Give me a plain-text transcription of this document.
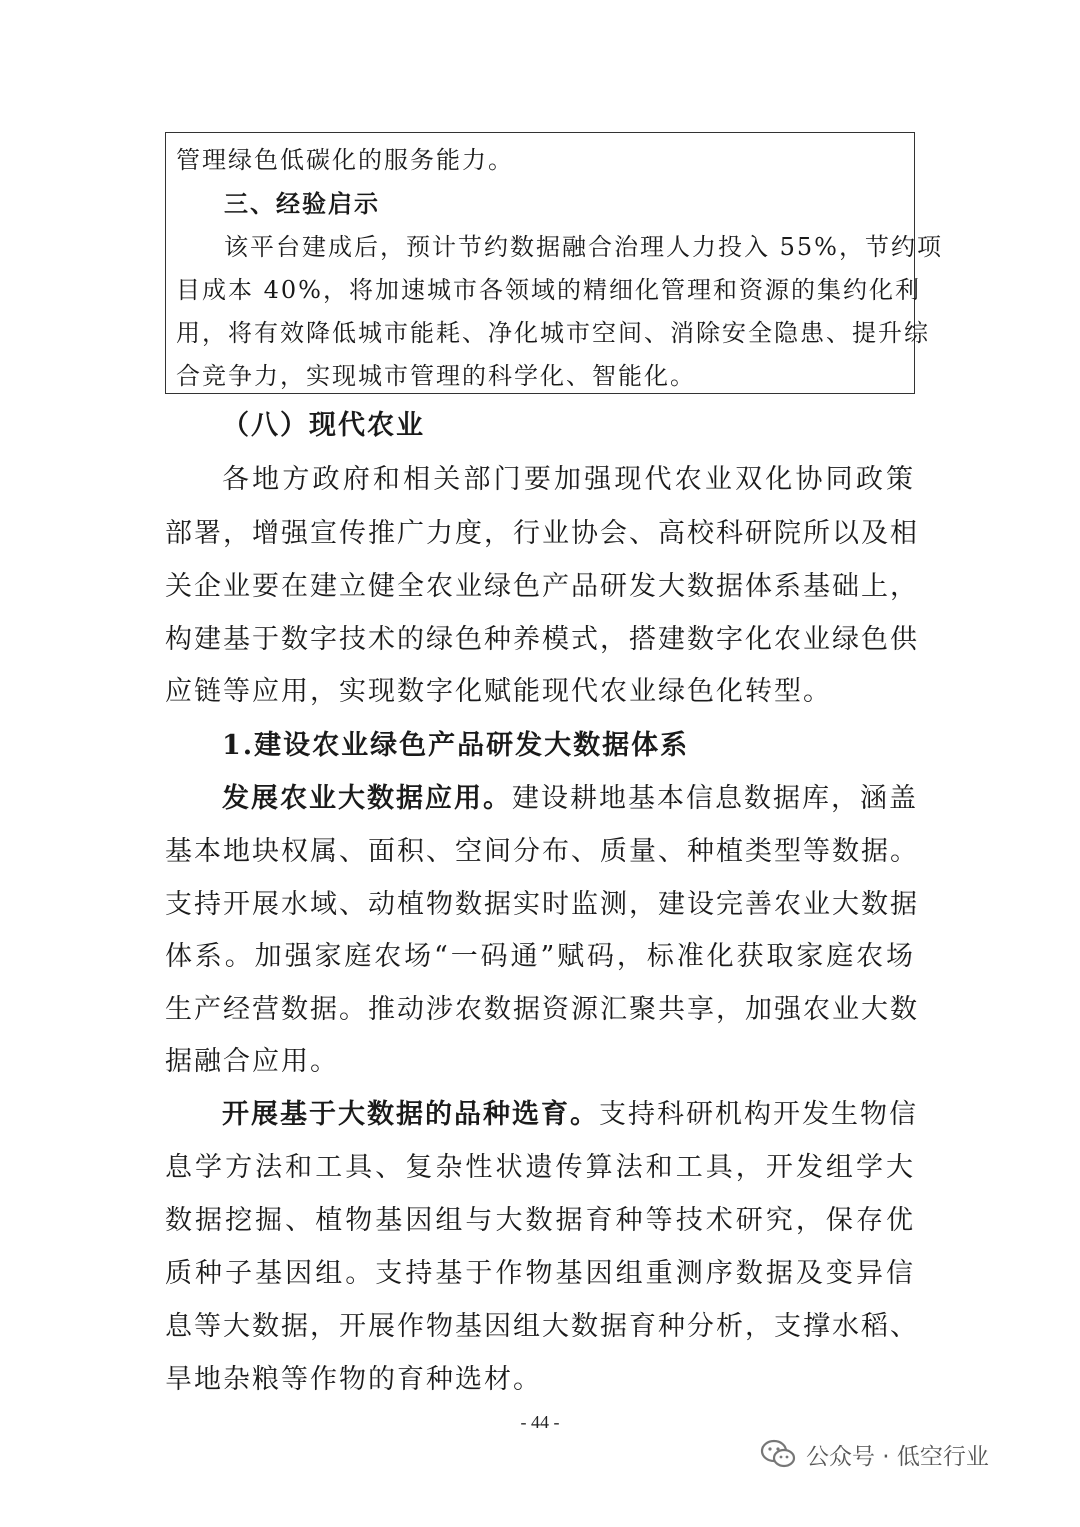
管理绿色低碳化的服务能力。
三、经验启示
该平台建成后，预计节约数据融合治理人力投入 55%，节约项
目成本 40%，将加速城市各领域的精细化管理和资源的集约化利
用，将有效降低城市能耗、净化城市空间、消除安全隐患、提升综
合竞争力，实现城市管理的科学化、智能化。
（八）现代农业
各地方政府和相关部门要加强现代农业双化协同政策
部署，增强宣传推广力度，行业协会、高校科研院所以及相
关企业要在建立健全农业绿色产品研发大数据体系基础上，
构建基于数字技术的绿色种养模式，搭建数字化农业绿色供
应链等应用，实现数字化赋能现代农业绿色化转型。
1.建设农业绿色产品研发大数据体系
发展农业大数据应用。建设耕地基本信息数据库，涵盖
基本地块权属、面积、空间分布、质量、种植类型等数据。
支持开展水域、动植物数据实时监测，建设完善农业大数据
体系。加强家庭农场“一码通”赋码，标准化获取家庭农场
生产经营数据。推动涉农数据资源汇聚共享，加强农业大数
据融合应用。
开展基于大数据的品种选育。支持科研机构开发生物信
息学方法和工具、复杂性状遗传算法和工具，开发组学大
数据挖掘、植物基因组与大数据育种等技术研究，保存优
质种子基因组。支持基于作物基因组重测序数据及变异信
息等大数据，开展作物基因组大数据育种分析，支撑水稻、
旱地杂粮等作物的育种选材。
- 44 -
公众号 · 低空行业
